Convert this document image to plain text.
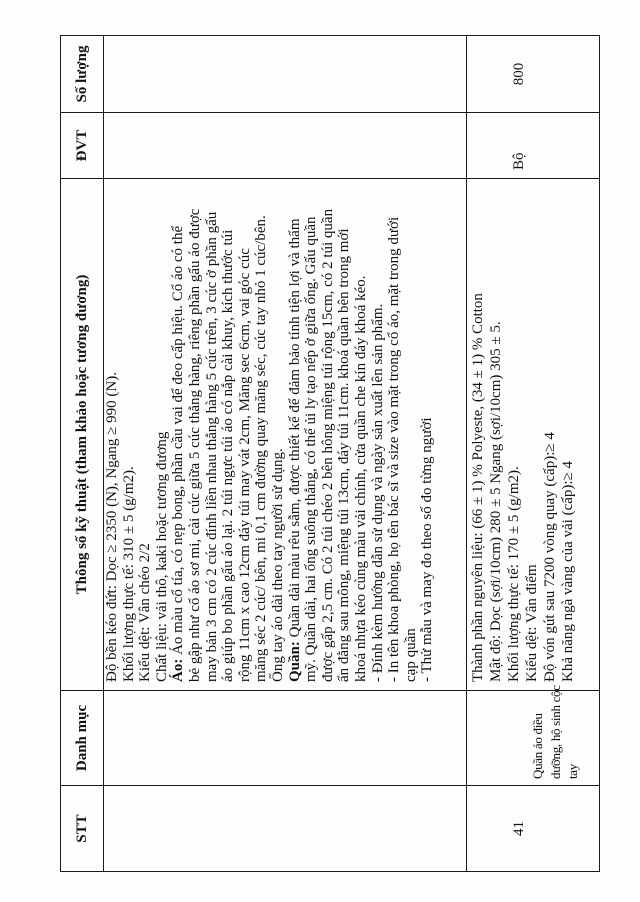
STT
Danh mục
Thông số kỹ thuật (tham khảo hoặc tương đương)
ĐVT
Số lượng
Độ bền kéo đứt: Dọc ≥ 2350 (N), Ngang ≥ 990 (N). Khối lượng thực tế: 310 ± 5 (g/m2). Kiểu dệt: Vân chéo 2/2 Chất liệu: vải thô, kaki hoặc tương đương Áo: Áo màu cổ tía, có nẹp bong, phần cầu vai để đeo cấp hiệu. Cổ áo có thể bẻ gập như cổ áo sơ mi, cài cúc giữa 5 cúc thẳng hàng, riêng phần gấu áo được may bản 3 cm có 2 cúc đính liền nhau thẳng hàng 5 cúc trên, 3 cúc ở phần gấu áo giúp bo phần gấu áo lại. 2 túi ngực túi áo có nắp cài khuy, kích thước túi rộng 11cm x cao 12cm đáy túi may vát 2cm, Măng sec 6cm, vai góc cúc măng séc 2 cúc/ bên, mi 0,1 cm đường quay măng séc, cúc tay nhỏ 1 cúc/bên. Ống tay áo dài theo tay người sử dụng. Quần: Quần dài màu rêu sẫm, được thiết kế để đảm bảo tính tiện lợi và thẩm mỹ. Quần dài, hai ống suông thẳng, có thể ủi ly tạo nếp ở giữa ống. Gấu quần được gấp 2,5 cm. Có 2 túi chéo 2 bên hông miệng túi rộng 15cm, có 2 túi quần ẩn đằng sau mông, miệng túi 13cm, đáy túi 11cm. khoá quần bên trong mới khoá nhựa kéo cùng màu vải chính, cửa quần che kín đáy khoá kéo. - Đính kèm hướng dẫn sử dụng và ngày sản xuất lên sản phẩm. - In tên khoa phòng, họ tên bác sĩ và size vào mặt trong cổ áo, mặt trong dưới cạp quần - Thử mẫu và may đo theo số đo từng người
41
Quần áo điều dưỡng, hộ sinh cộc tay
Thành phần nguyên liệu: (66 ± 1) % Polyeste, (34 ± 1) % Cotton Mật độ: Dọc (sợi/10cm) 280 ± 5 Ngang (sợi/10cm) 305 ± 5. Khối lượng thực tế: 170 ± 5 (g/m2). Kiểu dệt: Vân điểm Độ vón gút sau 7200 vòng quay (cấp):≥ 4 Khả năng ngà vàng của vải (cấp):≥ 4
Bộ
800
